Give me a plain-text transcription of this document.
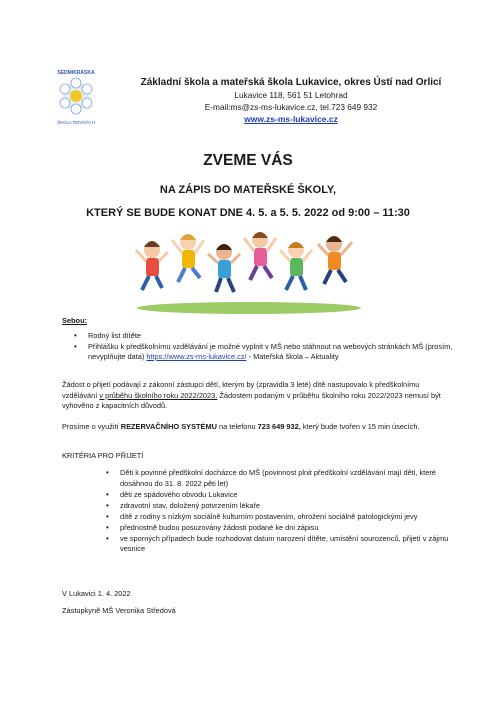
SEDMIKRÁSKA
ŠKOLA ROVNÝCH
Základní škola a mateřská škola Lukavice, okres Ústí nad Orlicí
Lukavice 118, 561 51 Letohrad
E-mail:ms@zs-ms-lukavice.cz, tel.723 649 932
www.zs-ms-lukavice.cz
ZVEME VÁS
NA ZÁPIS DO MATEŘSKÉ ŠKOLY,
KTERÝ SE BUDE KONAT DNE 4. 5. a 5. 5. 2022 od 9:00 – 11:30
Sebou:
• Rodný list dítěte
• Přihlášku k předškolnímu vzdělávání je možné vyplnit v MŠ nebo stáhnout na webových stránkách MŠ (prosím, nevyplňujte data) https://www.zs-ms-lukavice.cz/ - Mateřská škola – Aktuality
Žádost o přijetí podávají z zákonní zástupci dětí, kterým by (zpravidla 3 leté) dítě nastupovalo k předškolnímu vzdělávání v průběhu školního roku 2022/2023. Žádostem podaným v průběhu školního roku 2022/2023 nemusí být vyhověno z kapacitních důvodů.
Prosíme o využití REZERVAČNÍHO SYSTÉMU na telefonu 723 649 932, který bude tvořen v 15 min úsecích.
KRITÉRIA PRO PŘIJETÍ
• Děti k povinné předškolní docházce do MŠ (povinnost plnit předškolní vzdělávání mají děti, které dosáhnou do 31. 8. 2022 pěti let)
• děti ze spádového obvodu Lukavice
• zdravotní stav, doložený potvrzením lékaře
• dítě z rodiny s nízkým sociálně kulturním postavením, ohrožení sociálně patologickými jevy
• přednostně budou posuzovány žádosti podané ke dni zápisu
• ve sporných případech bude rozhodovat datum narození dítěte, umístění sourozenců, přijetí v zájmu vesnice
V Lukavici 1. 4. 2022
Zástupkyně MŠ Veronika Středová
